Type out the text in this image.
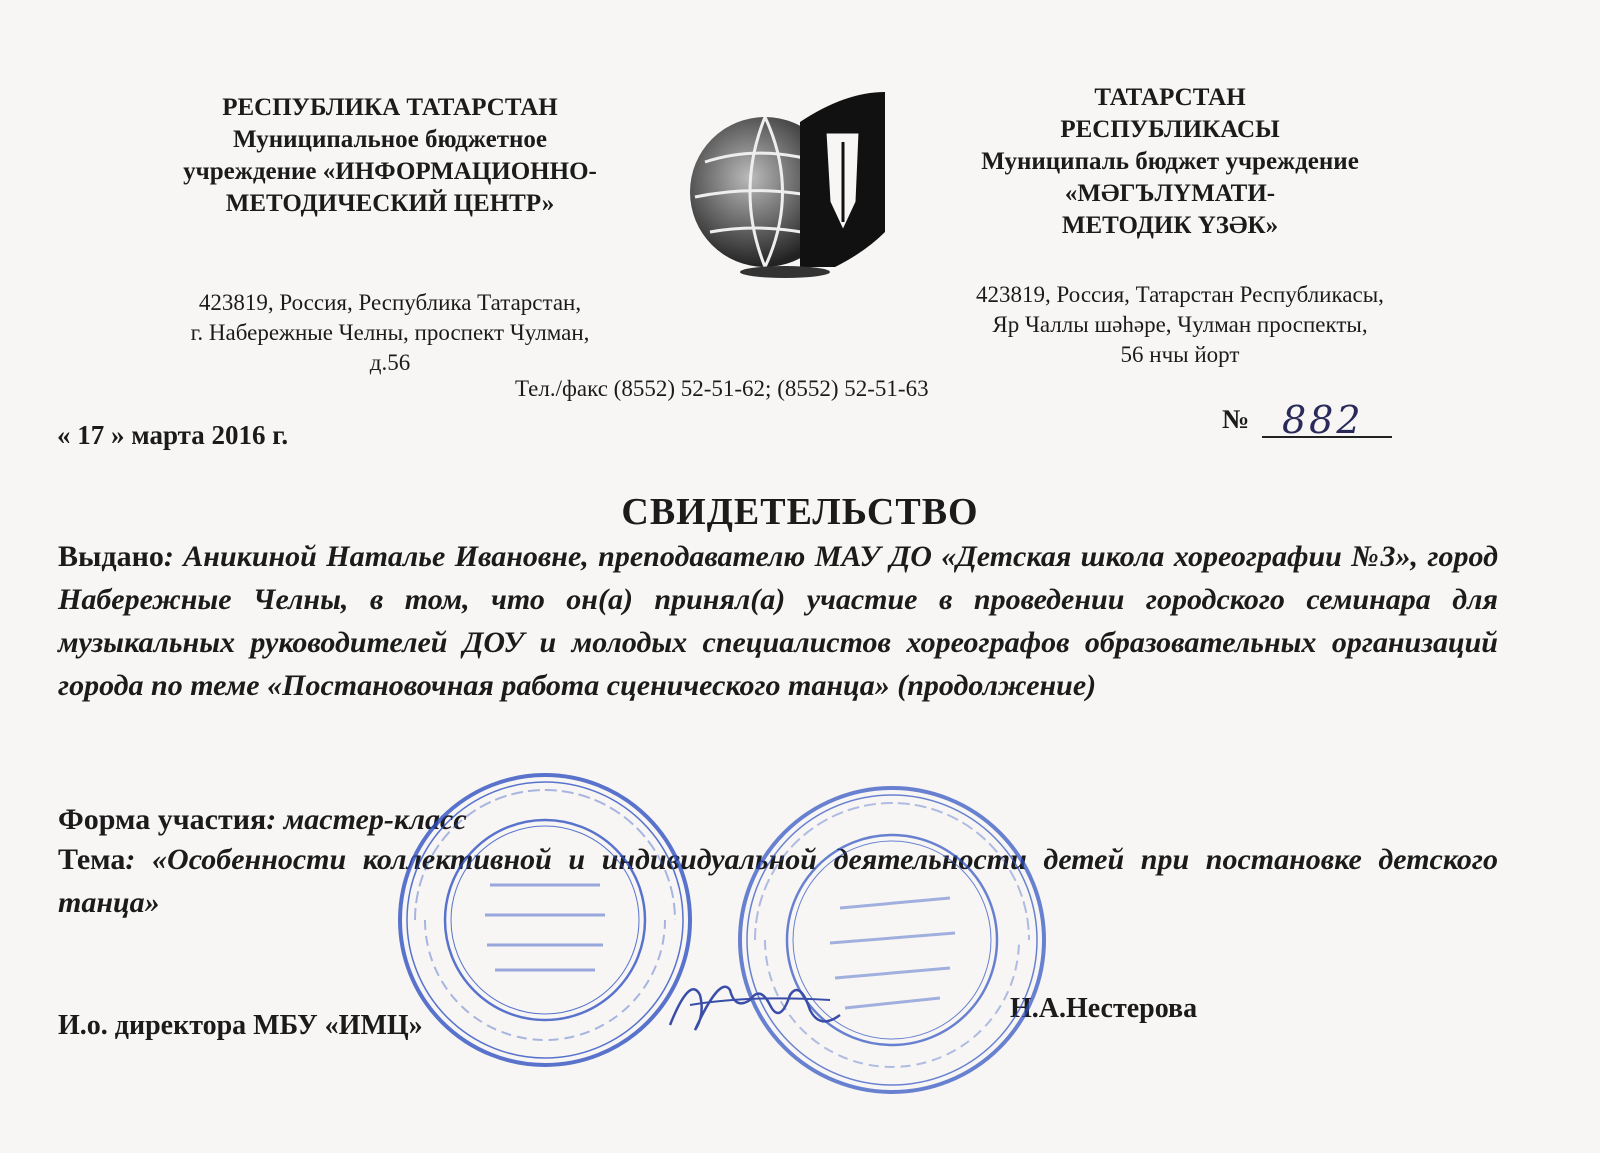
РЕСПУБЛИКА ТАТАРСТАН
Муниципальное бюджетное
учреждение «ИНФОРМАЦИОННО-
МЕТОДИЧЕСКИЙ ЦЕНТР»
ТАТАРСТАН
РЕСПУБЛИКАСЫ
Муниципаль бюджет учреждение
«МӘГЪЛҮМАТИ-
МЕТОДИК ҮЗӘК»
423819, Россия, Республика Татарстан,
г. Набережные Челны, проспект Чулман,
д.56
423819, Россия, Татарстан Республикасы,
Яр Чаллы шәһәре, Чулман проспекты,
56 нчы йорт
Тел./факс (8552) 52-51-62; (8552) 52-51-63
« 17 » марта 2016 г.
№ 882
СВИДЕТЕЛЬСТВО
Выдано: Аникиной Наталье Ивановне, преподавателю МАУ ДО «Детская школа хореографии №3», город Набережные Челны, в том, что он(а) принял(а) участие в проведении городского семинара для музыкальных руководителей ДОУ и молодых специалистов хореографов образовательных организаций города по теме «Постановочная работа сценического танца» (продолжение)
Форма участия: мастер-класс
Тема: «Особенности коллективной и индивидуальной деятельности детей при постановке детского танца»
И.о. директора МБУ «ИМЦ»
Н.А.Нестерова
